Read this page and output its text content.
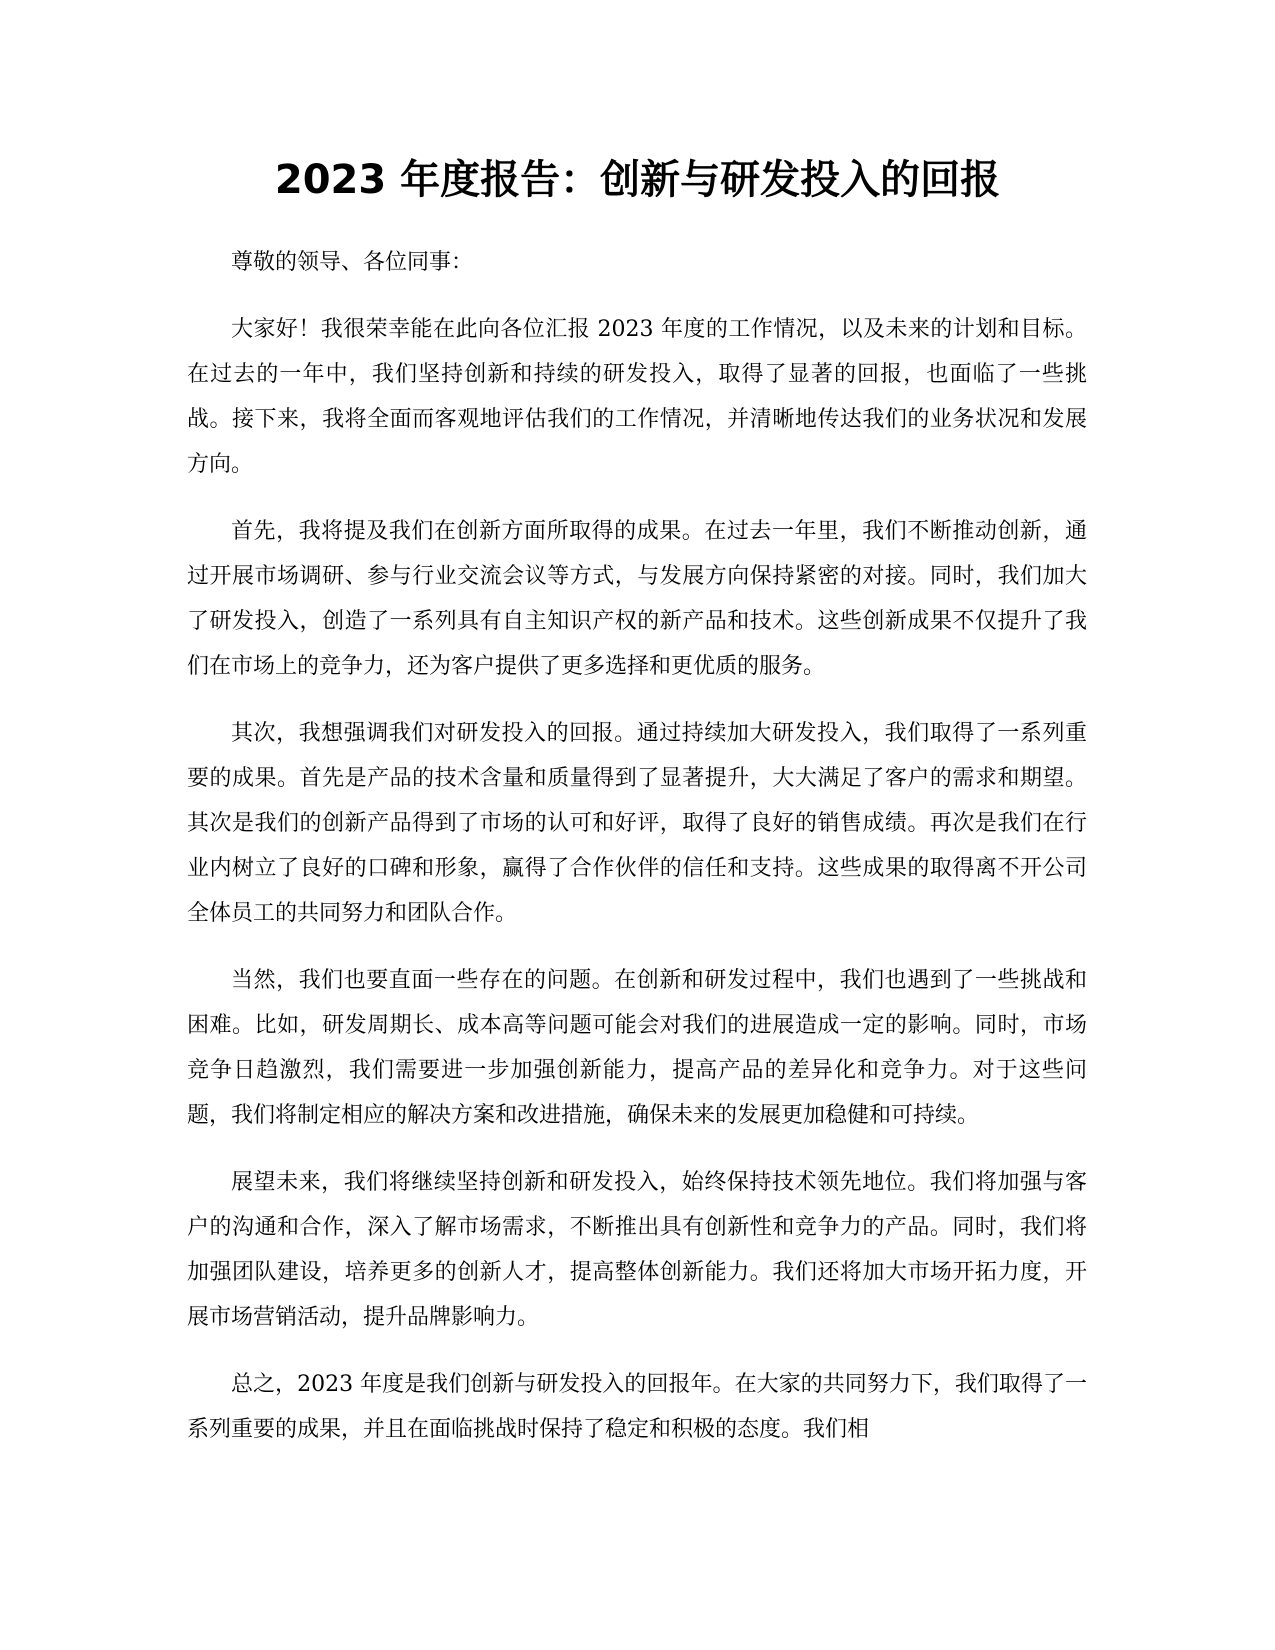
2023 年度报告：创新与研发投入的回报

尊敬的领导、各位同事：

大家好！我很荣幸能在此向各位汇报 2023 年度的工作情况，以及未来的计划和目标。在过去的一年中，我们坚持创新和持续的研发投入，取得了显著的回报，也面临了一些挑战。接下来，我将全面而客观地评估我们的工作情况，并清晰地传达我们的业务状况和发展方向。

首先，我将提及我们在创新方面所取得的成果。在过去一年里，我们不断推动创新，通过开展市场调研、参与行业交流会议等方式，与发展方向保持紧密的对接。同时，我们加大了研发投入，创造了一系列具有自主知识产权的新产品和技术。这些创新成果不仅提升了我们在市场上的竞争力，还为客户提供了更多选择和更优质的服务。

其次，我想强调我们对研发投入的回报。通过持续加大研发投入，我们取得了一系列重要的成果。首先是产品的技术含量和质量得到了显著提升，大大满足了客户的需求和期望。其次是我们的创新产品得到了市场的认可和好评，取得了良好的销售成绩。再次是我们在行业内树立了良好的口碑和形象，赢得了合作伙伴的信任和支持。这些成果的取得离不开公司全体员工的共同努力和团队合作。

当然，我们也要直面一些存在的问题。在创新和研发过程中，我们也遇到了一些挑战和困难。比如，研发周期长、成本高等问题可能会对我们的进展造成一定的影响。同时，市场竞争日趋激烈，我们需要进一步加强创新能力，提高产品的差异化和竞争力。对于这些问题，我们将制定相应的解决方案和改进措施，确保未来的发展更加稳健和可持续。

展望未来，我们将继续坚持创新和研发投入，始终保持技术领先地位。我们将加强与客户的沟通和合作，深入了解市场需求，不断推出具有创新性和竞争力的产品。同时，我们将加强团队建设，培养更多的创新人才，提高整体创新能力。我们还将加大市场开拓力度，开展市场营销活动，提升品牌影响力。

总之，2023 年度是我们创新与研发投入的回报年。在大家的共同努力下，我们取得了一系列重要的成果，并且在面临挑战时保持了稳定和积极的态度。我们相
